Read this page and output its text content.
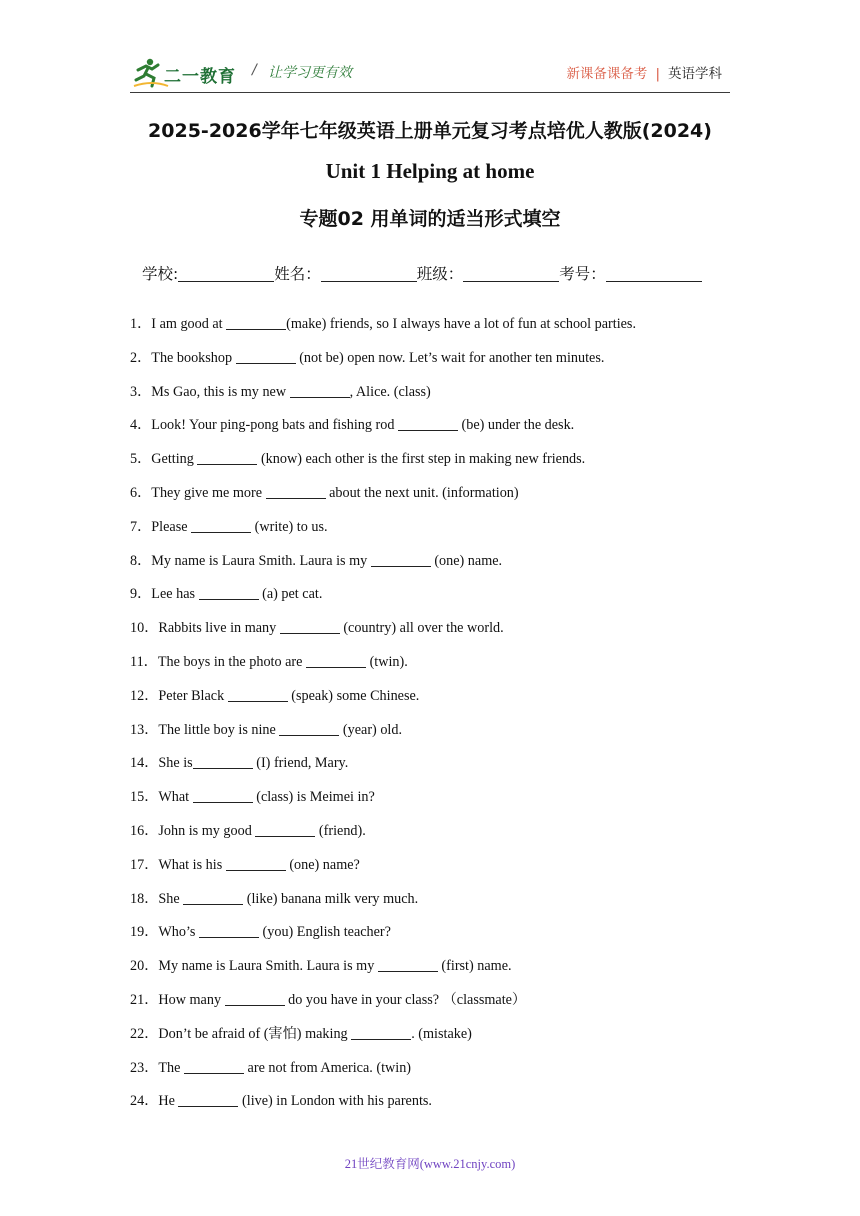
二一教育 / 让学习更有效	新课备课备考 | 英语学科
2025-2026学年七年级英语上册单元复习考点培优人教版(2024)
Unit 1 Helping at home
专题02 用单词的适当形式填空
学校:	姓名：	班级：	考号：
1．I am good at	(make) friends, so I always have a lot of fun at school parties.
2．The bookshop	(not be) open now. Let’s wait for another ten minutes.
3．Ms Gao, this is my new	, Alice. (class)
4．Look! Your ping-pong bats and fishing rod	(be) under the desk.
5．Getting	(know) each other is the first step in making new friends.
6．They give me more	about the next unit. (information)
7．Please	(write) to us.
8．My name is Laura Smith. Laura is my	(one) name.
9．Lee has	(a) pet cat.
10．Rabbits live in many	(country) all over the world.
11．The boys in the photo are	(twin).
12．Peter Black	(speak) some Chinese.
13．The little boy is nine	(year) old.
14．She is	(I) friend, Mary.
15．What	(class) is Meimei in?
16．John is my good	(friend).
17．What is his	(one) name?
18．She	(like) banana milk very much.
19．Who’s	(you) English teacher?
20．My name is Laura Smith. Laura is my	(first) name.
21．How many	do you have in your class? （classmate）
22．Don’t be afraid of (害怕) making	. (mistake)
23．The	are not from America. (twin)
24．He	(live) in London with his parents.
21世纪教育网(www.21cnjy.com)
